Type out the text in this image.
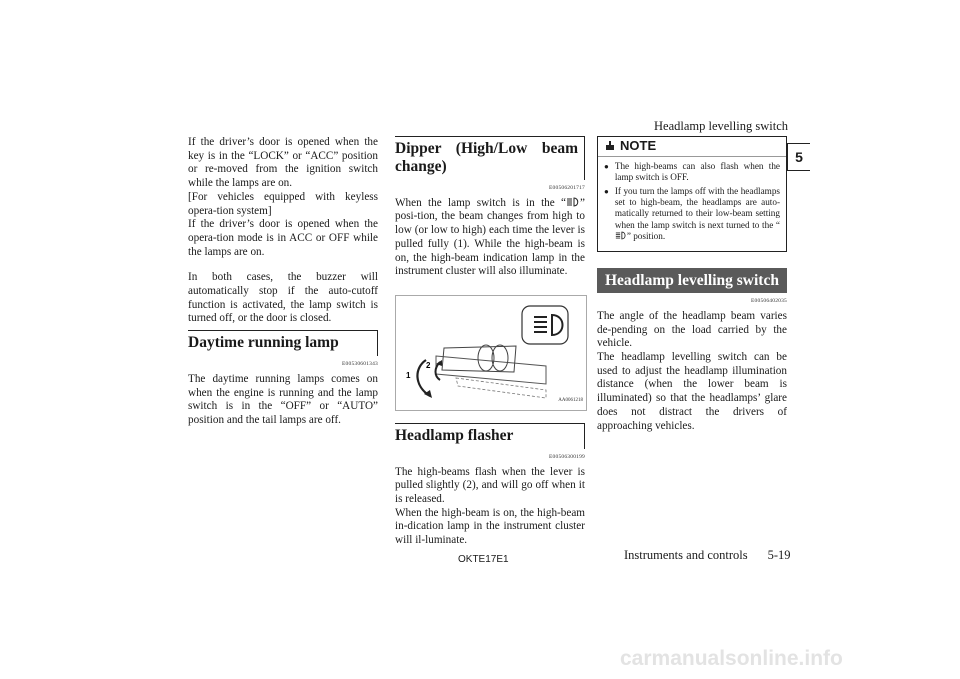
Headlamp levelling switch
5

If the driver’s door is opened when the key is in the “LOCK” or “ACC” position or re-moved from the ignition switch while the lamps are on.

[For vehicles equipped with keyless opera-tion system]

If the driver’s door is opened when the opera-tion mode is in ACC or OFF while the lamps are on.

In both cases, the buzzer will automatically stop if the auto-cutoff function is activated, the lamp switch is turned off, or the door is closed.

Daytime running lamp
E00530601343

The daytime running lamps comes on when the engine is running and the lamp switch is in the “OFF” or “AUTO” position and the tail lamps are off.

Dipper (High/Low beam change)
E00506201717

When the lamp switch is in the “ ” posi-tion, the beam changes from high to low (or low to high) each time the lever is pulled fully (1). While the high-beam is on, the high-beam indication lamp in the instrument cluster will also illuminate.

1
2
AA0061218
Headlamp flasher
E00506300199

The high-beams flash when the lever is pulled slightly (2), and will go off when it is released.

When the high-beam is on, the high-beam in-dication lamp in the instrument cluster will il-luminate.

NOTE
● The high-beams can also flash when the lamp switch is OFF.
● If you turn the lamps off with the headlamps set to high-beam, the headlamps are auto-matically returned to their low-beam setting when the lamp switch is next turned to the “” position.
Headlamp levelling switch
E00506402035

The angle of the headlamp beam varies de-pending on the load carried by the vehicle.

The headlamp levelling switch can be used to adjust the headlamp illumination distance (when the lower beam is illuminated) so that the headlamps’ glare does not distract the drivers of approaching vehicles.

OKTE17E1	Instruments and controls 5-19
carmanualsonline.info
